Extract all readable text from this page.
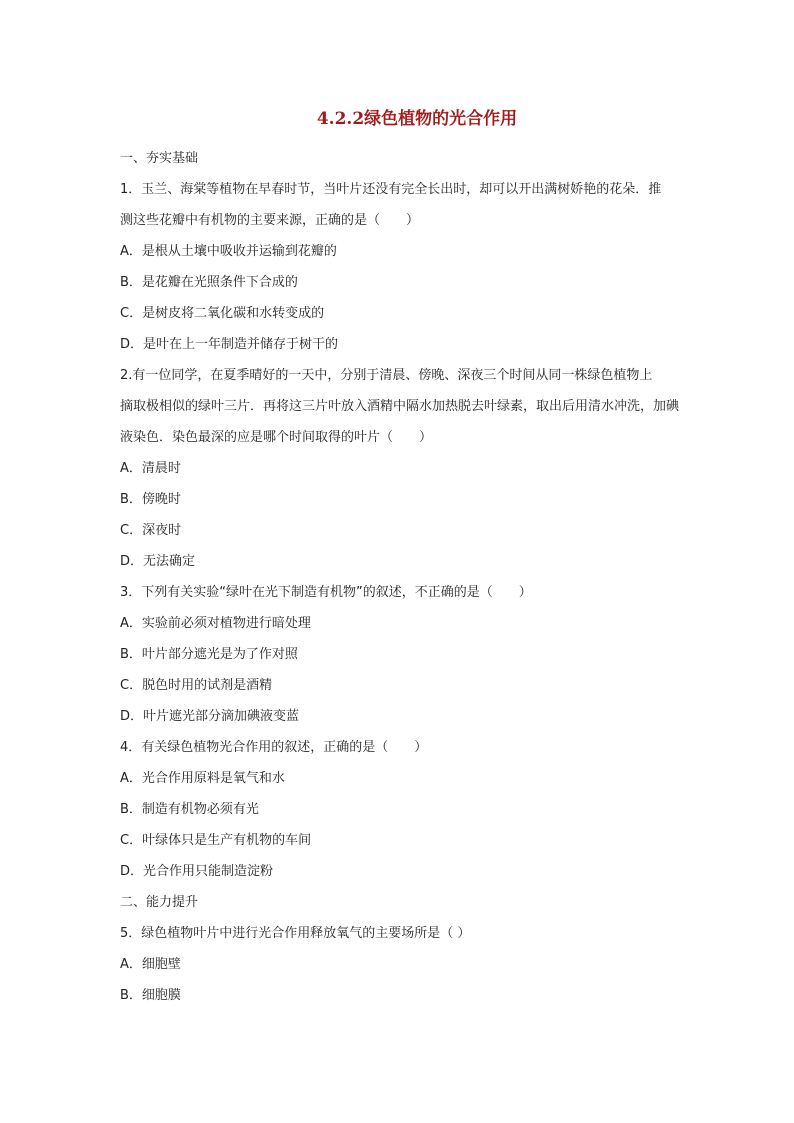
4.2.2绿色植物的光合作用
一、夯实基础
1．玉兰、海棠等植物在早春时节，当叶片还没有完全长出时，却可以开出满树娇艳的花朵．推
测这些花瓣中有机物的主要来源，正确的是（　　）
A．是根从土壤中吸收并运输到花瓣的
B．是花瓣在光照条件下合成的
C．是树皮将二氧化碳和水转变成的
D．是叶在上一年制造并储存于树干的
2.有一位同学，在夏季晴好的一天中，分别于清晨、傍晚、深夜三个时间从同一株绿色植物上
摘取极相似的绿叶三片．再将这三片叶放入酒精中隔水加热脱去叶绿素，取出后用清水冲洗，加碘
液染色．染色最深的应是哪个时间取得的叶片（　　）
A．清晨时
B．傍晚时
C．深夜时
D．无法确定
3．下列有关实验“绿叶在光下制造有机物”的叙述，不正确的是（　　）
A．实验前必须对植物进行暗处理
B．叶片部分遮光是为了作对照
C．脱色时用的试剂是酒精
D．叶片遮光部分滴加碘液变蓝
4．有关绿色植物光合作用的叙述，正确的是（　　）
A．光合作用原料是氧气和水
B．制造有机物必须有光
C．叶绿体只是生产有机物的车间
D．光合作用只能制造淀粉
二、能力提升
5．绿色植物叶片中进行光合作用释放氧气的主要场所是（ ）
A．细胞壁
B．细胞膜
